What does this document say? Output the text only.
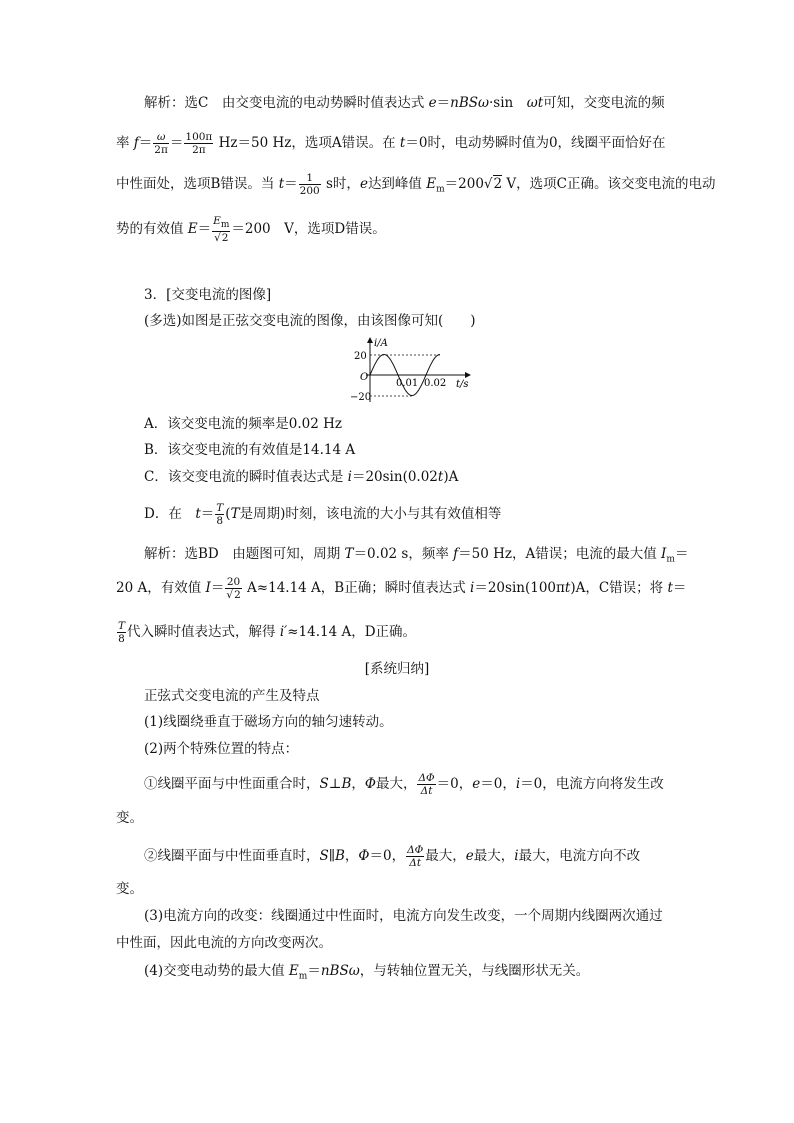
解析：选C　由交变电流的电动势瞬时值表达式 e＝nBSω·sin　ωt可知，交变电流的频
率 $f= \frac{\omega}{2\pi} = \frac{100\pi}{2\pi} Hz=50$ Hz，选项A错误。在 t＝0时，电动势瞬时值为0，线圈平面恰好在
中性面处，选项B错误。当 $t= \frac{1}{200}$ s时，e达到峰值 $E_m=200√2$ V，选项C正确。该交变电流的电动
势的有效值 $E= \frac{E_m}{√2} =200$　V，选项D错误。
3．[交变电流的图像]
(多选)如图是正弦交变电流的图像，由该图像可知(　　)
i/A
t/s
O
20
−20
0.01 0.02
A．该交变电流的频率是0.02 Hz
B．该交变电流的有效值是14.14 A
C．该交变电流的瞬时值表达式是 i＝20sin(0.02t)A
D．在　$t= \frac{T}{8} (T$是周期)时刻，该电流的大小与其有效值相等
解析：选BD　由题图可知，周期 T＝0.02 s，频率 f＝50 Hz，A错误；电流的最大值 $I_m=$
20 A，有效值 $I= \frac{20}{√2} A\approx 14.14$ A，B正确；瞬时值表达式 i＝20sin(100πt)A，C错误；将 t＝
$\frac{T}{8}$ 代入瞬时值表达式，解得 i′≈14.14 A，D正确。
[系统归纳]
正弦式交变电流的产生及特点
(1)线圈绕垂直于磁场方向的轴匀速转动。
(2)两个特殊位置的特点：
①线圈平面与中性面重合时，S⊥B，Φ最大， $\frac{\Delta\Phi}{\Delta t} =0$，e＝0，i＝0，电流方向将发生改
变。
②线圈平面与中性面垂直时，S∥B，Φ＝0， $\frac{\Delta\Phi}{\Delta t}$ 最大，e最大，i最大，电流方向不改
变。
(3)电流方向的改变：线圈通过中性面时，电流方向发生改变，一个周期内线圈两次通过
中性面，因此电流的方向改变两次。
(4)交变电动势的最大值 $E_m=nBS\omega$，与转轴位置无关，与线圈形状无关。
